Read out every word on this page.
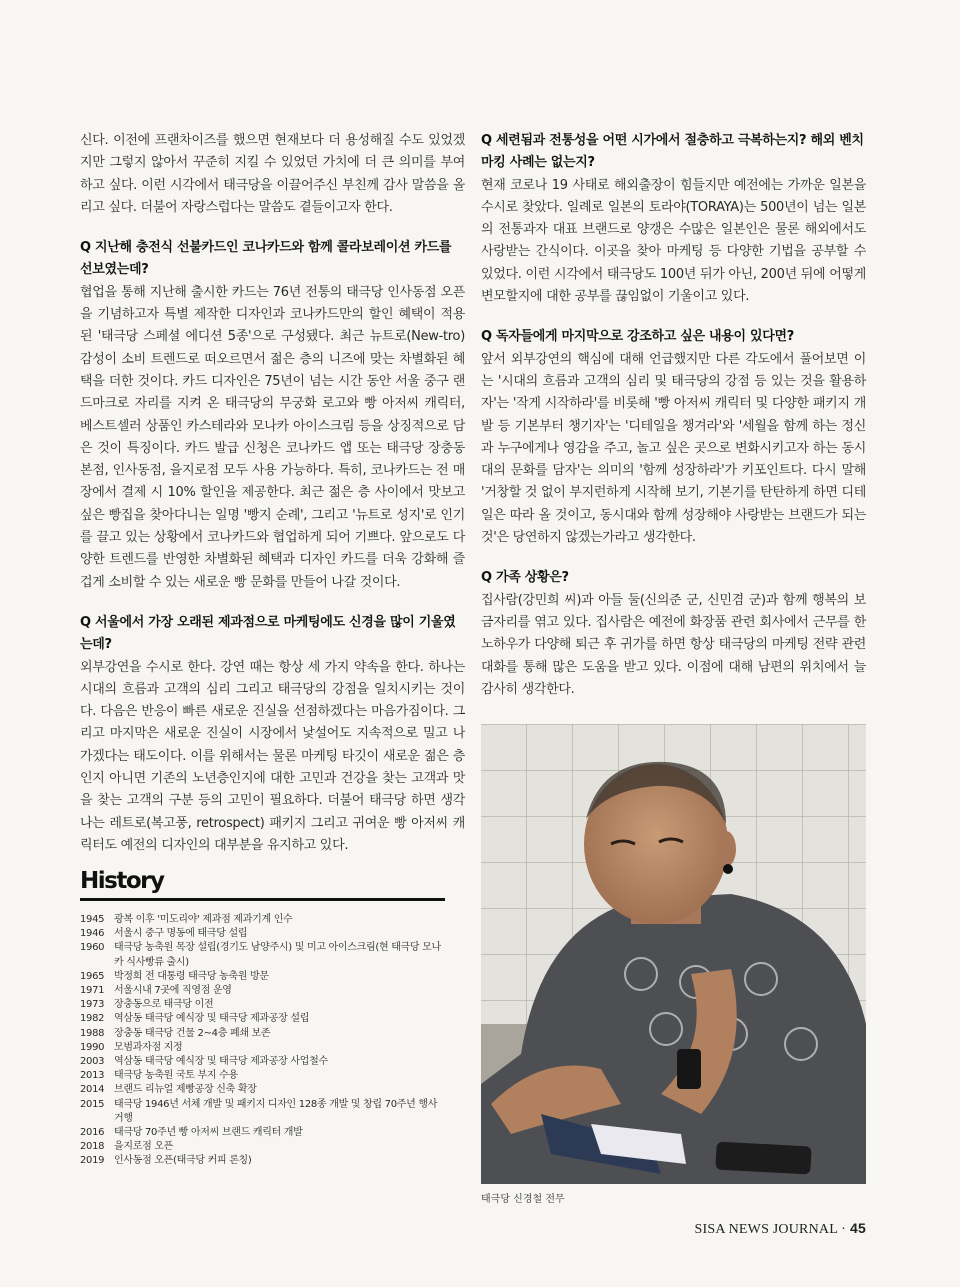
신다. 이전에 프랜차이즈를 했으면 현재보다 더 용성해질 수도 있었겠지만 그렇지 않아서 꾸준히 지킬 수 있었던 가치에 더 큰 의미를 부여하고 싶다. 이런 시각에서 태극당을 이끌어주신 부친께 감사 말씀을 올리고 싶다. 더불어 자랑스럽다는 말씀도 곁들이고자 한다.

Q 지난해 충전식 선불카드인 코나카드와 함께 콜라보레이션 카드를 선보였는데?

협업을 통해 지난해 출시한 카드는 76년 전통의 태극당 인사동점 오픈을 기념하고자 특별 제작한 디자인과 코나카드만의 할인 혜택이 적용된 '태극당 스페셜 에디션 5종'으로 구성됐다. 최근 뉴트로(New-tro) 감성이 소비 트렌드로 떠오르면서 젊은 층의 니즈에 맞는 차별화된 혜택을 더한 것이다. 카드 디자인은 75년이 넘는 시간 동안 서울 중구 랜드마크로 자리를 지켜 온 태극당의 무궁화 로고와 빵 아저씨 캐릭터, 베스트셀러 상품인 카스테라와 모나카 아이스크림 등을 상징적으로 담은 것이 특징이다. 카드 발급 신청은 코나카드 앱 또는 태극당 장충동 본점, 인사동점, 을지로점 모두 사용 가능하다. 특히, 코나카드는 전 매장에서 결제 시 10% 할인을 제공한다. 최근 젊은 층 사이에서 맛보고 싶은 빵집을 찾아다니는 일명 '빵지 순례', 그리고 '뉴트로 성지'로 인기를 끌고 있는 상황에서 코나카드와 협업하게 되어 기쁘다. 앞으로도 다양한 트렌드를 반영한 차별화된 혜택과 디자인 카드를 더욱 강화해 즐겁게 소비할 수 있는 새로운 빵 문화를 만들어 나갈 것이다.

Q 서울에서 가장 오래된 제과점으로 마케팅에도 신경을 많이 기울였는데?

외부강연을 수시로 한다. 강연 때는 항상 세 가지 약속을 한다. 하나는 시대의 흐름과 고객의 심리 그리고 태극당의 강점을 일치시키는 것이다. 다음은 반응이 빠른 새로운 진실을 선점하겠다는 마음가짐이다. 그리고 마지막은 새로운 진실이 시장에서 낯설어도 지속적으로 밀고 나가겠다는 태도이다. 이를 위해서는 물론 마케팅 타깃이 새로운 젊은 층인지 아니면 기존의 노년층인지에 대한 고민과 건강을 찾는 고객과 맛을 찾는 고객의 구분 등의 고민이 필요하다. 더불어 태극당 하면 생각나는 레트로(복고풍, retrospect) 패키지 그리고 귀여운 빵 아저씨 캐릭터도 예전의 디자인의 대부분을 유지하고 있다.

Q 세련됨과 전통성을 어떤 시가에서 절충하고 극복하는지? 해외 벤치마킹 사례는 없는지?

현재 코로나 19 사태로 해외출장이 힘들지만 예전에는 가까운 일본을 수시로 찾았다. 일례로 일본의 토라야(TORAYA)는 500년이 넘는 일본의 전통과자 대표 브랜드로 양갱은 수많은 일본인은 물론 해외에서도 사랑받는 간식이다. 이곳을 찾아 마케팅 등 다양한 기법을 공부할 수 있었다. 이런 시각에서 태극당도 100년 뒤가 아닌, 200년 뒤에 어떻게 변모할지에 대한 공부를 끊임없이 기울이고 있다.

Q 독자들에게 마지막으로 강조하고 싶은 내용이 있다면?

앞서 외부강연의 핵심에 대해 언급했지만 다른 각도에서 풀어보면 이는 '시대의 흐름과 고객의 심리 및 태극당의 강점 등 있는 것을 활용하자'는 '작게 시작하라'를 비롯해 '빵 아저씨 캐릭터 및 다양한 패키지 개발 등 기본부터 챙기자'는 '디테일을 챙겨라'와 '세월을 함께 하는 정신과 누구에게나 영감을 주고, 놀고 싶은 곳으로 변화시키고자 하는 동시대의 문화를 담자'는 의미의 '함께 성장하라'가 키포인트다. 다시 말해 '거창할 것 없이 부지런하게 시작해 보기, 기본기를 탄탄하게 하면 디테일은 따라 올 것이고, 동시대와 함께 성장해야 사랑받는 브랜드가 되는 것'은 당연하지 않겠는가라고 생각한다.

Q 가족 상황은?

집사람(강민희 씨)과 아들 둘(신의준 군, 신민겸 군)과 함께 행복의 보금자리를 엮고 있다. 집사람은 예전에 화장품 관련 회사에서 근무를 한 노하우가 다양해 퇴근 후 귀가를 하면 항상 태극당의 마케팅 전략 관련 대화를 통해 많은 도움을 받고 있다. 이점에 대해 남편의 위치에서 늘 감사히 생각한다.

History
1945 광복 이후 '미도리야' 제과점 제과기계 인수
1946 서울시 중구 명동에 태극당 설립
1960 태극당 농축원 목장 설립(경기도 남양주시) 및 미고 아이스크림(현 태극당 모나카 식사빵류 출시)
1965 박정희 전 대통령 태극당 농축원 방문
1971 서울시내 7곳에 직영점 운영
1973 장충동으로 태극당 이전
1982 역삼동 태극당 예식장 및 태극당 제과공장 설립
1988 장충동 태극당 건물 2~4층 폐쇄 보존
1990 모범과자점 지정
2003 역삼동 태극당 예식장 및 태극당 제과공장 사업철수
2013 태극당 농축원 국토 부지 수용
2014 브랜드 리뉴얼 제빵공장 신축 확장
2015 태극당 1946년 서체 개발 및 패키지 디자인 128종 개발 및 창립 70주년 행사 거행
2016 태극당 70주년 빵 아저씨 브랜드 캐릭터 개발
2018 을지로점 오픈
2019 인사동점 오픈(태극당 커피 론칭)
태극당 신경철 전무
SISA NEWS JOURNAL · 45
